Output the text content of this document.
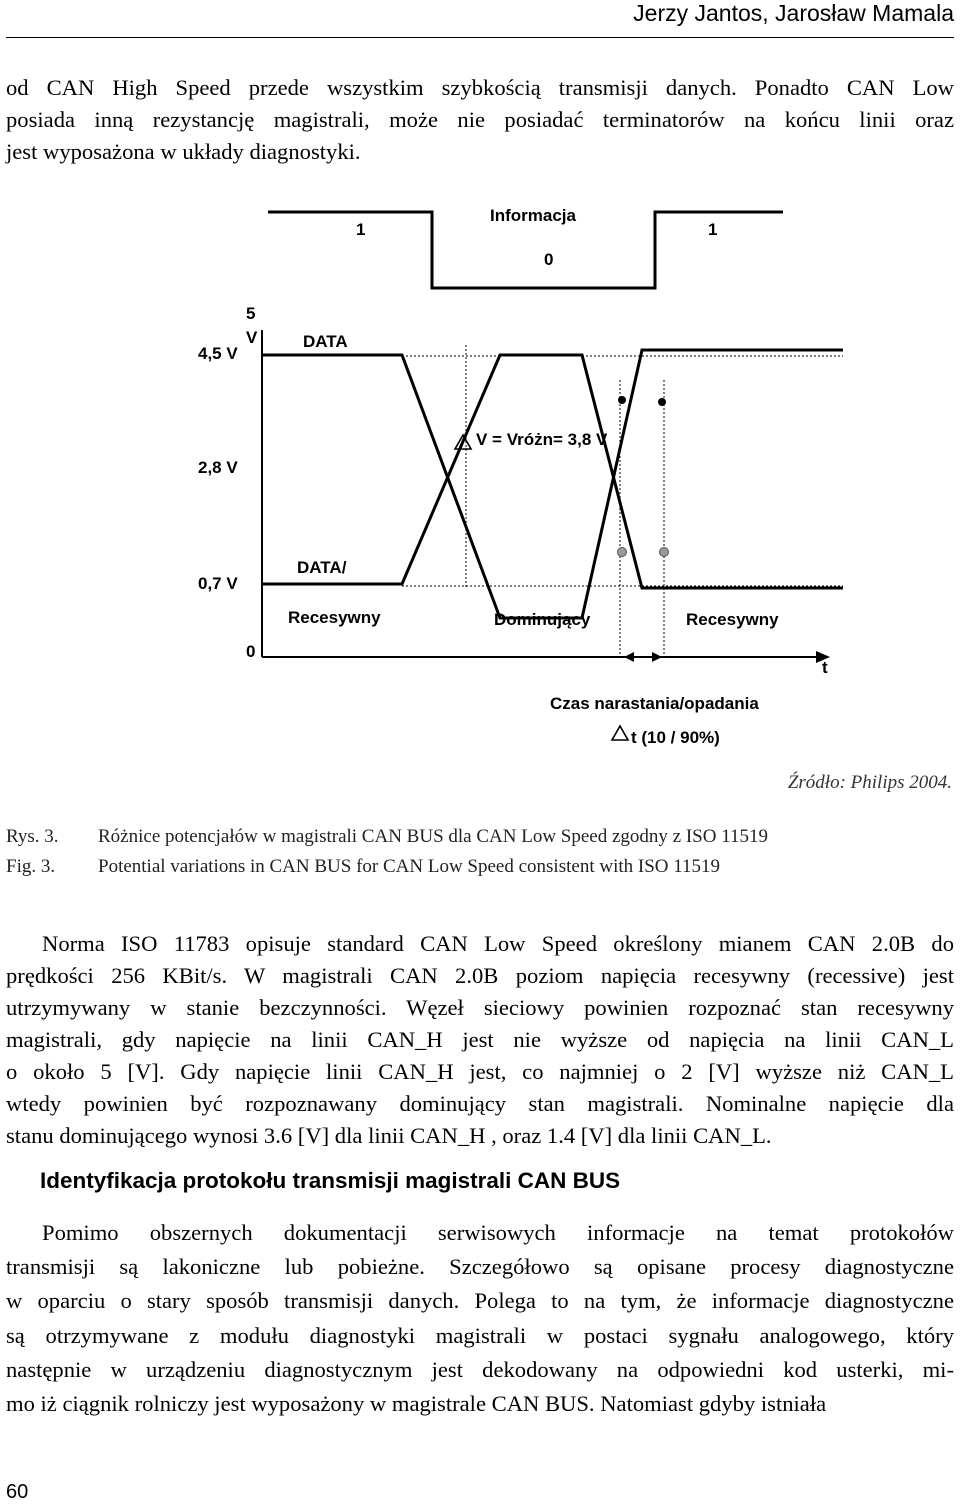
Jerzy Jantos, Jarosław Mamala
od CAN High Speed przede wszystkim szybkością transmisji danych. Ponadto CAN Low
posiada inną rezystancję magistrali, może nie posiadać terminatorów na końcu linii oraz
jest wyposażona w układy diagnostyki.
Informacja
1
0
1
5
V
4,5 V
2,8 V
0,7 V
0
DATA
DATA/
V = Vróżn= 3,8 V
Recesywny	Dominujący	Recesywny
t
Czas narastania/opadania
t (10 / 90%)
Źródło: Philips 2004.
Rys. 3. Różnice potencjałów w magistrali CAN BUS dla CAN Low Speed zgodny z ISO 11519
Fig. 3. Potential variations in CAN BUS for CAN Low Speed consistent with ISO 11519
Norma ISO 11783 opisuje standard CAN Low Speed określony mianem CAN 2.0B do
prędkości 256 KBit/s. W magistrali CAN 2.0B poziom napięcia recesywny (recessive) jest
utrzymywany w stanie bezczynności. Węzeł sieciowy powinien rozpoznać stan recesywny
magistrali, gdy napięcie na linii CAN_H jest nie wyższe od napięcia na linii CAN_L
o około 5 [V]. Gdy napięcie linii CAN_H jest, co najmniej o 2 [V] wyższe niż CAN_L
wtedy powinien być rozpoznawany dominujący stan magistrali. Nominalne napięcie dla
stanu dominującego wynosi 3.6 [V] dla linii CAN_H , oraz 1.4 [V] dla linii CAN_L.
Identyfikacja protokołu transmisji magistrali CAN BUS
Pomimo obszernych dokumentacji serwisowych informacje na temat protokołów
transmisji są lakoniczne lub pobieżne. Szczegółowo są opisane procesy diagnostyczne
w oparciu o stary sposób transmisji danych. Polega to na tym, że informacje diagnostyczne
są otrzymywane z modułu diagnostyki magistrali w postaci sygnału analogowego, który
następnie w urządzeniu diagnostycznym jest dekodowany na odpowiedni kod usterki, mi-
mo iż ciągnik rolniczy jest wyposażony w magistrale CAN BUS. Natomiast gdyby istniała
60
